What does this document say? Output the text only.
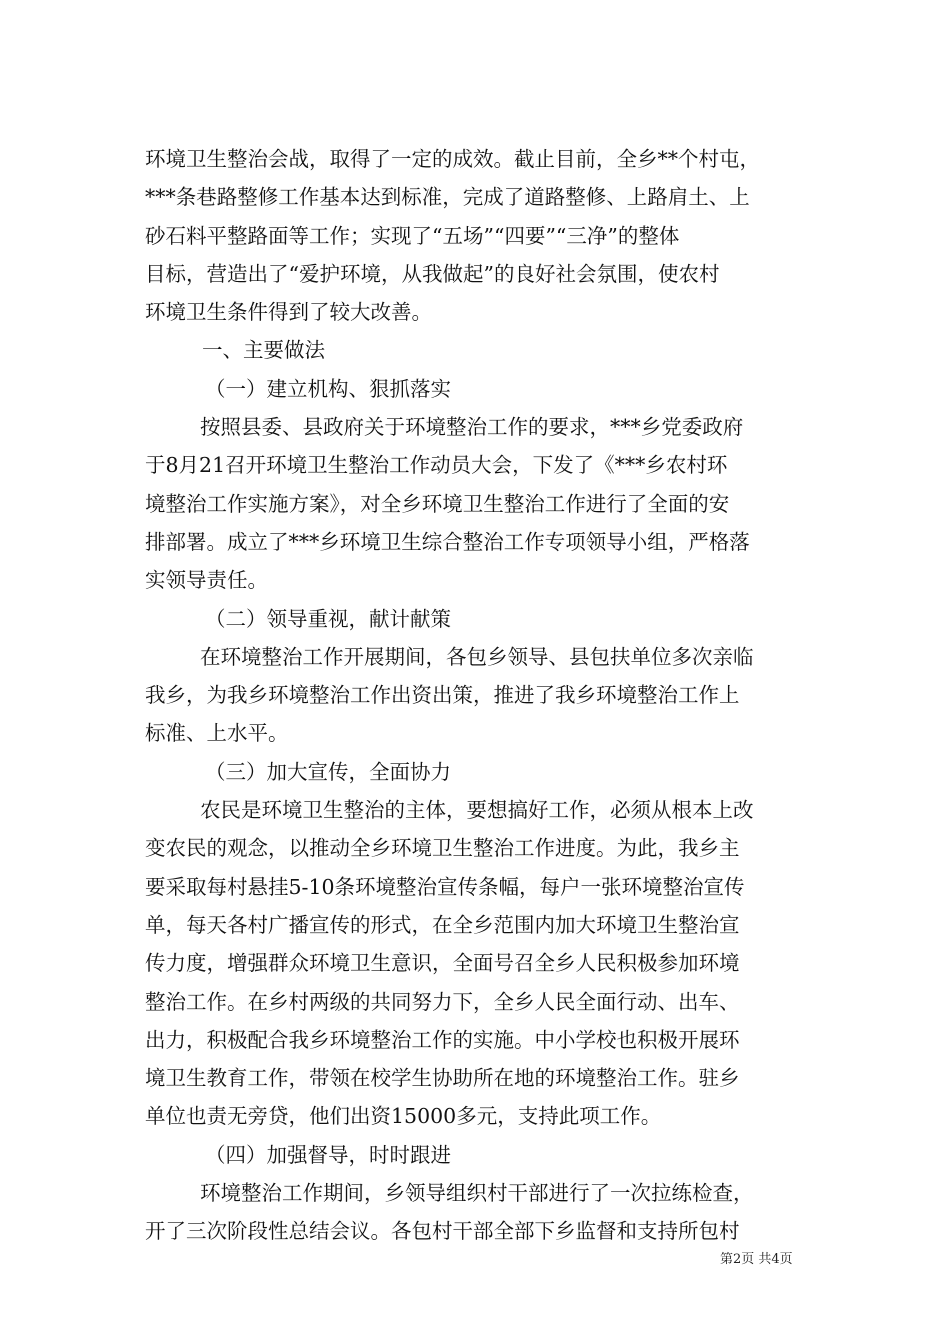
环境卫生整治会战，取得了一定的成效。截止目前，全乡**个村屯，
***条巷路整修工作基本达到标准，完成了道路整修、上路肩土、上
砂石料平整路面等工作；实现了“五场”“四要”“三净”的整体
目标，营造出了“爱护环境，从我做起”的良好社会氛围，使农村
环境卫生条件得到了较大改善。
一、主要做法
（一）建立机构、狠抓落实
按照县委、县政府关于环境整治工作的要求，***乡党委政府
于8月21召开环境卫生整治工作动员大会，下发了《***乡农村环
境整治工作实施方案》，对全乡环境卫生整治工作进行了全面的安
排部署。成立了***乡环境卫生综合整治工作专项领导小组，严格落
实领导责任。
（二）领导重视，献计献策
在环境整治工作开展期间，各包乡领导、县包扶单位多次亲临
我乡，为我乡环境整治工作出资出策，推进了我乡环境整治工作上
标准、上水平。
（三）加大宣传，全面协力
农民是环境卫生整治的主体，要想搞好工作，必须从根本上改
变农民的观念，以推动全乡环境卫生整治工作进度。为此，我乡主
要采取每村悬挂5-10条环境整治宣传条幅，每户一张环境整治宣传
单，每天各村广播宣传的形式，在全乡范围内加大环境卫生整治宣
传力度，增强群众环境卫生意识，全面号召全乡人民积极参加环境
整治工作。在乡村两级的共同努力下，全乡人民全面行动、出车、
出力，积极配合我乡环境整治工作的实施。中小学校也积极开展环
境卫生教育工作，带领在校学生协助所在地的环境整治工作。驻乡
单位也责无旁贷，他们出资15000多元，支持此项工作。
（四）加强督导，时时跟进
环境整治工作期间，乡领导组织村干部进行了一次拉练检查，
开了三次阶段性总结会议。各包村干部全部下乡监督和支持所包村
第2页 共4页
